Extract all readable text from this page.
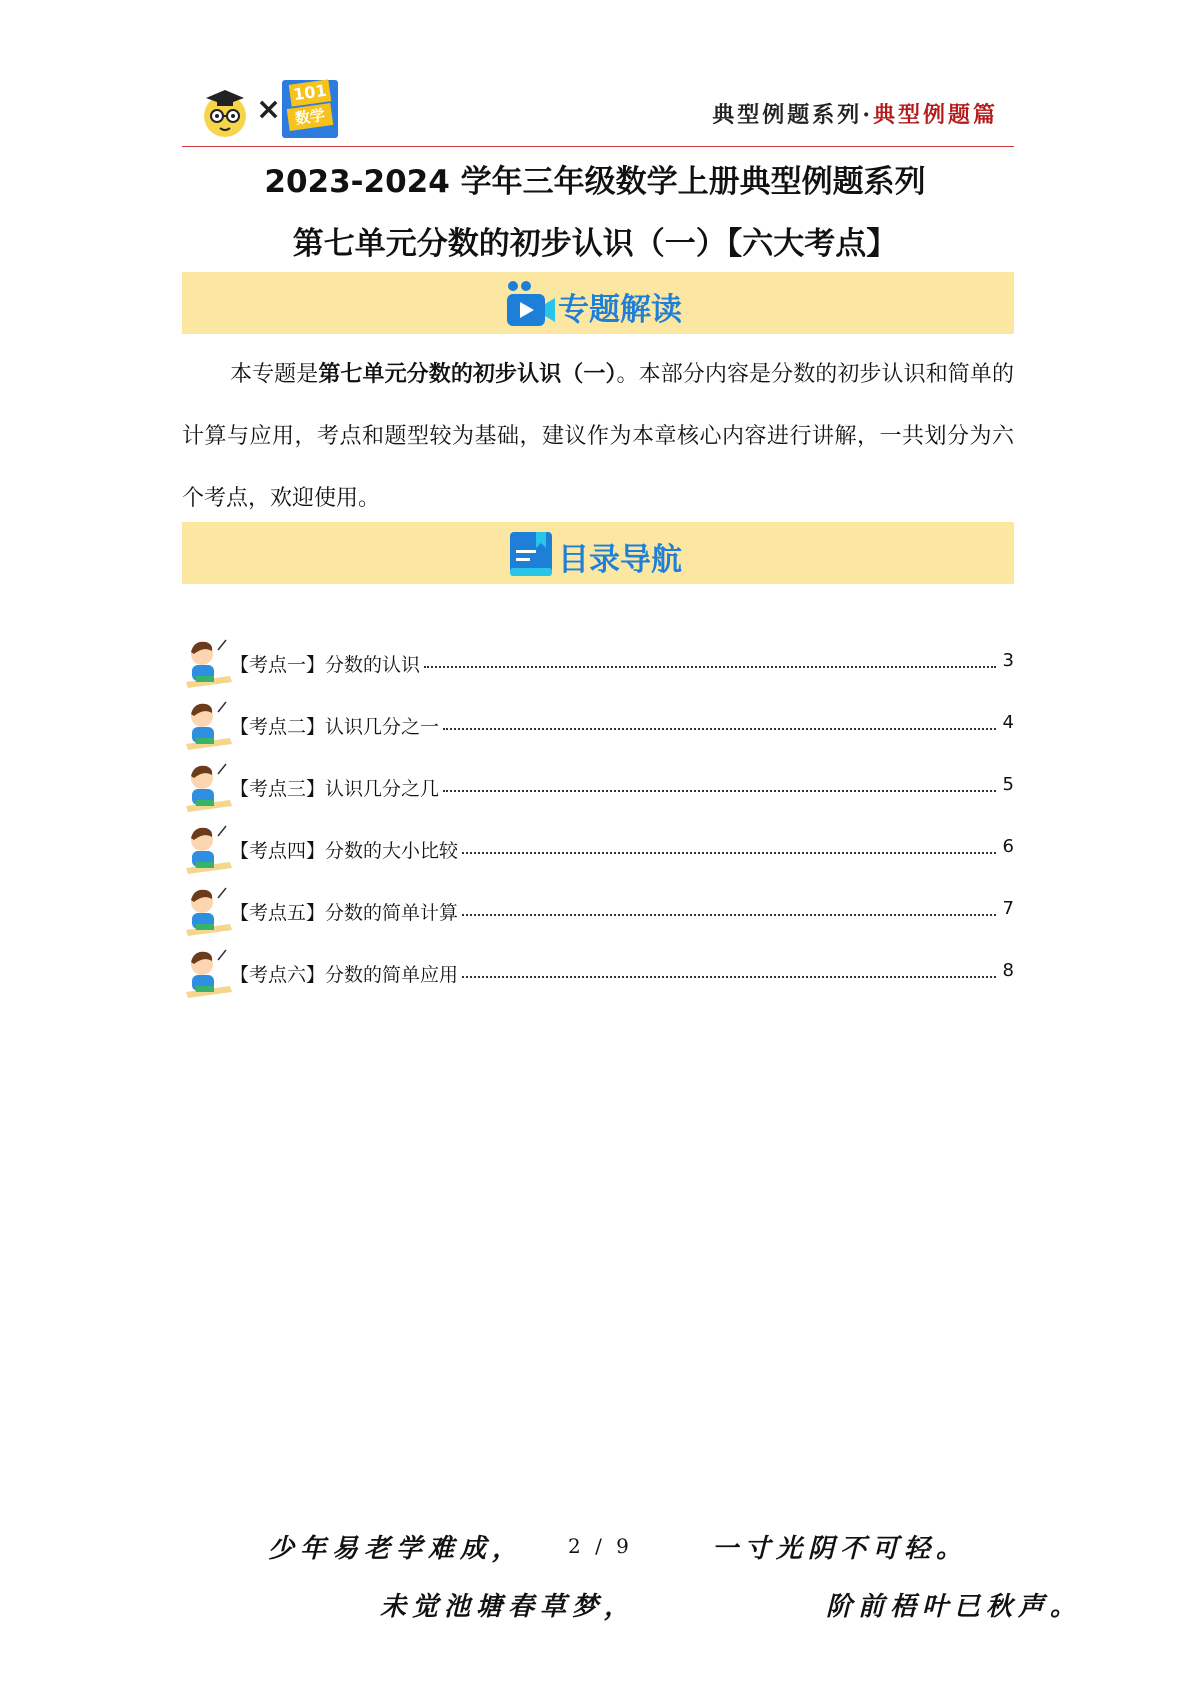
× 101
数学	典型例题系列·典型例题篇
2023-2024 学年三年级数学上册典型例题系列
第七单元分数的初步认识（一）【六大考点】
专题解读
本专题是第七单元分数的初步认识（一）。本部分内容是分数的初步认识和简单的计算与应用，考点和题型较为基础，建议作为本章核心内容进行讲解，一共划分为六个考点，欢迎使用。
目录导航
【考点一】分数的认识	3
【考点二】认识几分之一	4
【考点三】认识几分之几	5
【考点四】分数的大小比较	6
【考点五】分数的简单计算	7
【考点六】分数的简单应用	8
少年易老学难成， 2 / 9	一寸光阴不可轻。
未觉池塘春草梦，	阶前梧叶已秋声。
